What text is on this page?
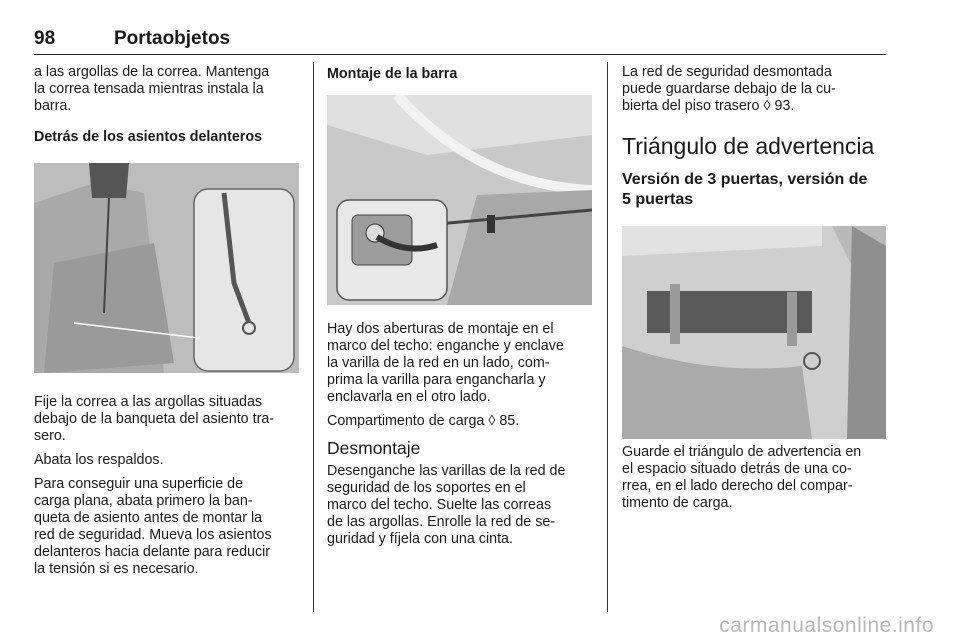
98	Portaobjetos

a las argollas de la correa. Mantenga
la correa tensada mientras instala la
barra.

Detrás de los asientos delanteros

Fije la correa a las argollas situadas
debajo de la banqueta del asiento tra-
sero.

Abata los respaldos.

Para conseguir una superficie de
carga plana, abata primero la ban-
queta de asiento antes de montar la
red de seguridad. Mueva los asientos
delanteros hacia delante para reducir
la tensión si es necesario.

Montaje de la barra

Hay dos aberturas de montaje en el
marco del techo: enganche y enclave
la varilla de la red en un lado, com-
prima la varilla para engancharla y
enclavarla en el otro lado.

Compartimento de carga ◊ 85.

Desmontaje

Desenganche las varillas de la red de
seguridad de los soportes en el
marco del techo. Suelte las correas
de las argollas. Enrolle la red de se-
guridad y fíjela con una cinta.

La red de seguridad desmontada
puede guardarse debajo de la cu-
bierta del piso trasero ◊ 93.

Triángulo de advertencia
Versión de 3 puertas, versión de
5 puertas

Guarde el triángulo de advertencia en
el espacio situado detrás de una co-
rrea, en el lado derecho del compar-
timento de carga.

carmanualsonline.info
